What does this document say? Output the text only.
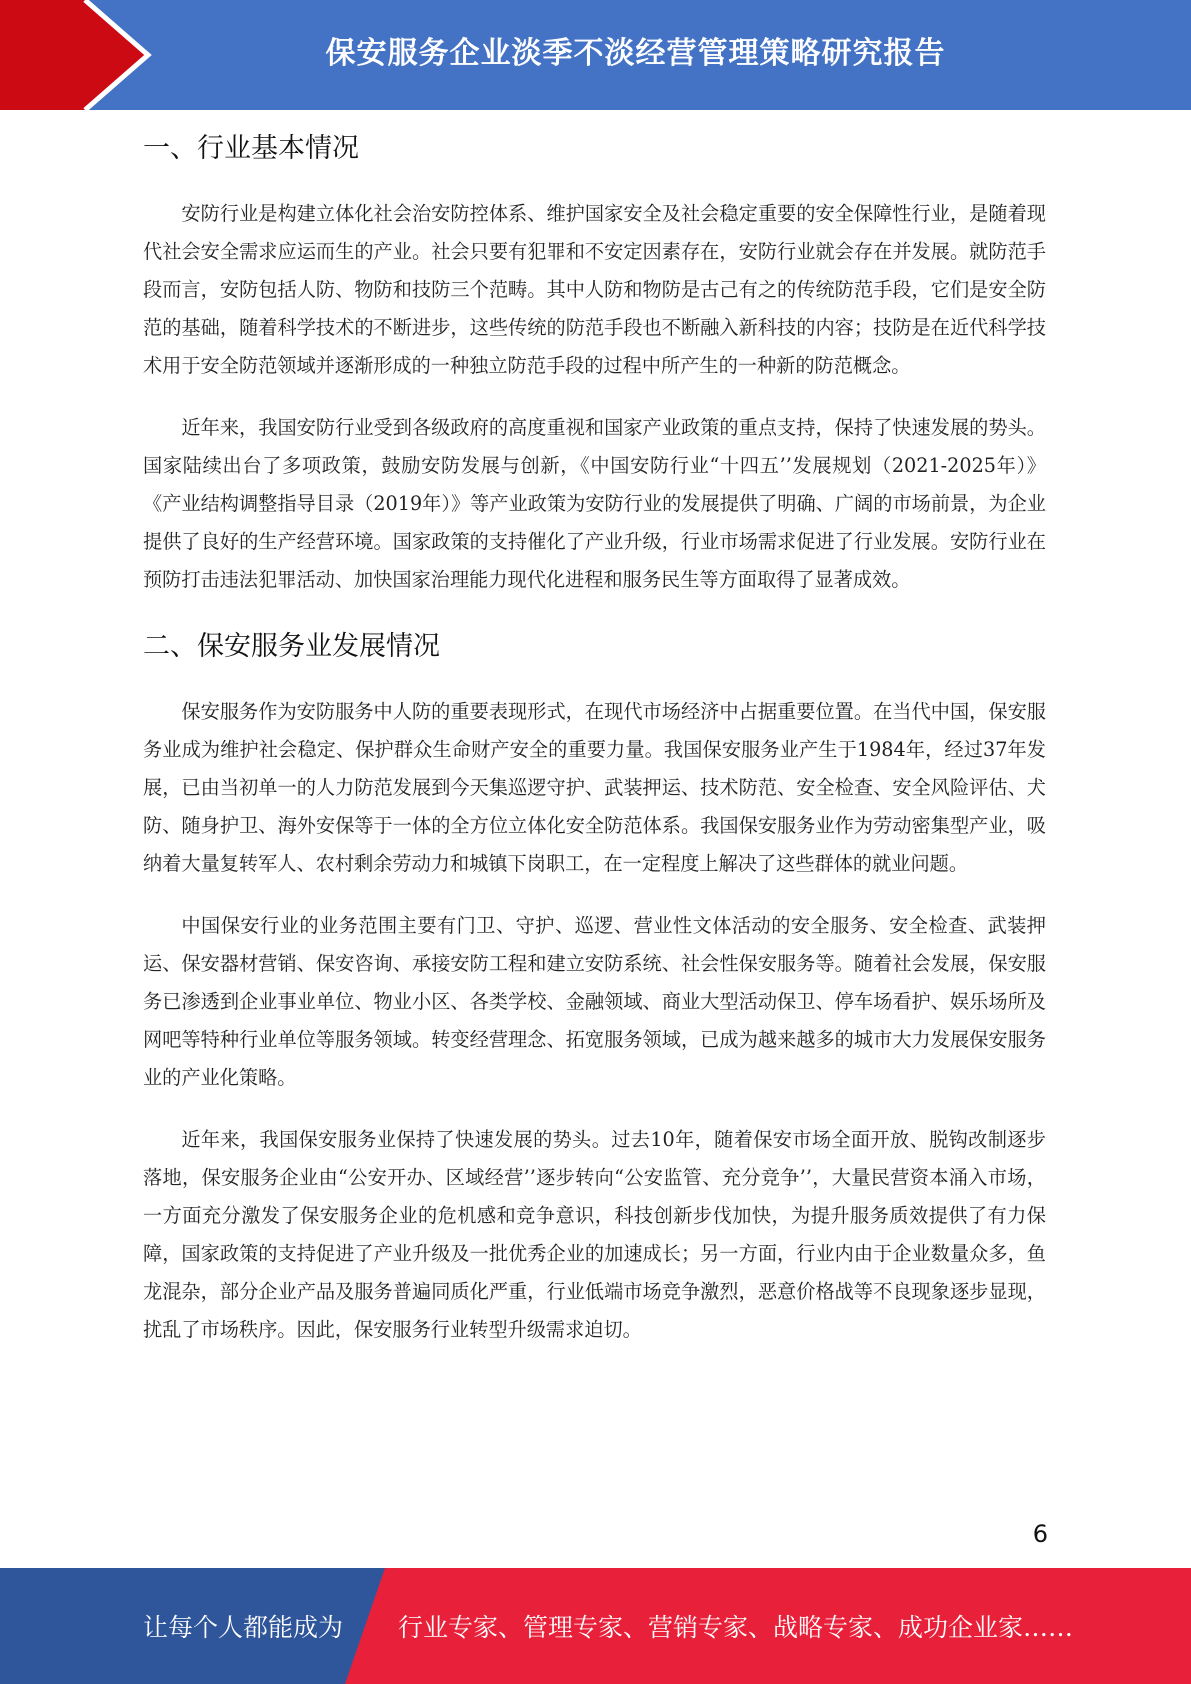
保安服务企业淡季不淡经营管理策略研究报告
一、行业基本情况

安防行业是构建立体化社会治安防控体系、维护国家安全及社会稳定重要的安全保障性行业，是随着现代社会安全需求应运而生的产业。社会只要有犯罪和不安定因素存在，安防行业就会存在并发展。就防范手段而言，安防包括人防、物防和技防三个范畴。其中人防和物防是古己有之的传统防范手段，它们是安全防范的基础，随着科学技术的不断进步，这些传统的防范手段也不断融入新科技的内容；技防是在近代科学技术用于安全防范领域并逐渐形成的一种独立防范手段的过程中所产生的一种新的防范概念。

近年来，我国安防行业受到各级政府的高度重视和国家产业政策的重点支持，保持了快速发展的势头。国家陆续出台了多项政策，鼓励安防发展与创新，《中国安防行业“十四五’’发展规划（2021-2025年）》《产业结构调整指导目录（2019年）》等产业政策为安防行业的发展提供了明确、广阔的市场前景，为企业提供了良好的生产经营环境。国家政策的支持催化了产业升级，行业市场需求促进了行业发展。安防行业在预防打击违法犯罪活动、加快国家治理能力现代化进程和服务民生等方面取得了显著成效。

二、保安服务业发展情况

保安服务作为安防服务中人防的重要表现形式，在现代市场经济中占据重要位置。在当代中国，保安服务业成为维护社会稳定、保护群众生命财产安全的重要力量。我国保安服务业产生于1984年，经过37年发展，已由当初单一的人力防范发展到今天集巡逻守护、武装押运、技术防范、安全检查、安全风险评估、犬防、随身护卫、海外安保等于一体的全方位立体化安全防范体系。我国保安服务业作为劳动密集型产业，吸纳着大量复转军人、农村剩余劳动力和城镇下岗职工，在一定程度上解决了这些群体的就业问题。

中国保安行业的业务范围主要有门卫、守护、巡逻、营业性文体活动的安全服务、安全检查、武装押运、保安器材营销、保安咨询、承接安防工程和建立安防系统、社会性保安服务等。随着社会发展，保安服务已渗透到企业事业单位、物业小区、各类学校、金融领域、商业大型活动保卫、停车场看护、娱乐场所及网吧等特种行业单位等服务领域。转变经营理念、拓宽服务领域，已成为越来越多的城市大力发展保安服务业的产业化策略。

近年来，我国保安服务业保持了快速发展的势头。过去10年，随着保安市场全面开放、脱钩改制逐步落地，保安服务企业由“公安开办、区域经营’’逐步转向“公安监管、充分竞争’’，大量民营资本涌入市场，一方面充分激发了保安服务企业的危机感和竞争意识，科技创新步伐加快，为提升服务质效提供了有力保障，国家政策的支持促进了产业升级及一批优秀企业的加速成长；另一方面，行业内由于企业数量众多，鱼龙混杂，部分企业产品及服务普遍同质化严重，行业低端市场竞争激烈，恶意价格战等不良现象逐步显现，扰乱了市场秩序。因此，保安服务行业转型升级需求迫切。

6
让每个人都能成为 行业专家、管理专家、营销专家、战略专家、成功企业家……
